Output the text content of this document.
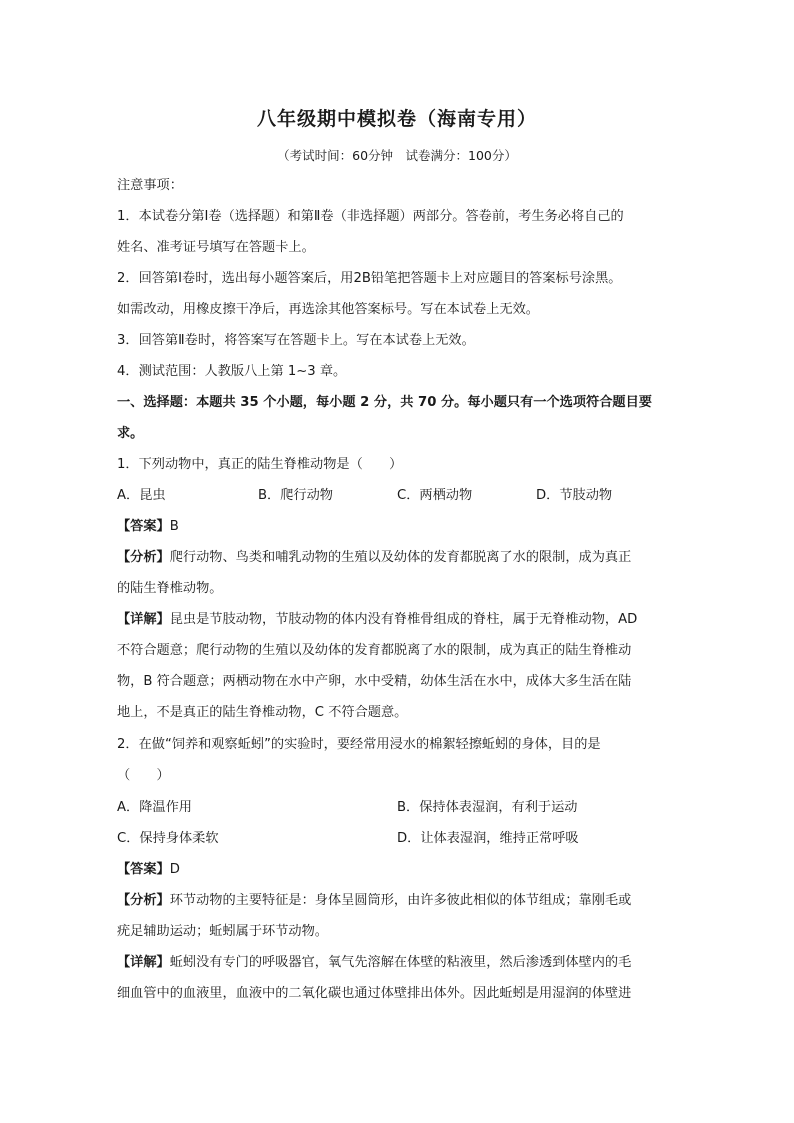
八年级期中模拟卷（海南专用）
（考试时间：60分钟　试卷满分：100分）
注意事项：
1．本试卷分第Ⅰ卷（选择题）和第Ⅱ卷（非选择题）两部分。答卷前，考生务必将自己的
姓名、准考证号填写在答题卡上。
2．回答第Ⅰ卷时，选出每小题答案后，用2B铅笔把答题卡上对应题目的答案标号涂黑。
如需改动，用橡皮擦干净后，再选涂其他答案标号。写在本试卷上无效。
3．回答第Ⅱ卷时，将答案写在答题卡上。写在本试卷上无效。
4．测试范围：人教版八上第 1~3 章。
一、选择题：本题共 35 个小题，每小题 2 分，共 70 分。每小题只有一个选项符合题目要
求。
1．下列动物中，真正的陆生脊椎动物是（　　）
A．昆虫	B．爬行动物	C．两栖动物	D．节肢动物
【答案】B
【分析】爬行动物、鸟类和哺乳动物的生殖以及幼体的发育都脱离了水的限制，成为真正
的陆生脊椎动物。
【详解】昆虫是节肢动物，节肢动物的体内没有脊椎骨组成的脊柱，属于无脊椎动物，AD
不符合题意；爬行动物的生殖以及幼体的发育都脱离了水的限制，成为真正的陆生脊椎动
物，B 符合题意；两栖动物在水中产卵，水中受精，幼体生活在水中，成体大多生活在陆
地上，不是真正的陆生脊椎动物，C 不符合题意。
2．在做“饲养和观察蚯蚓”的实验时，要经常用浸水的棉絮轻擦蚯蚓的身体，目的是
（　　）
A．降温作用	B．保持体表湿润，有利于运动
C．保持身体柔软	D．让体表湿润，维持正常呼吸
【答案】D
【分析】环节动物的主要特征是：身体呈圆筒形，由许多彼此相似的体节组成；靠刚毛或
疣足辅助运动；蚯蚓属于环节动物。
【详解】蚯蚓没有专门的呼吸器官，氧气先溶解在体壁的粘液里，然后渗透到体壁内的毛
细血管中的血液里，血液中的二氧化碳也通过体壁排出体外。因此蚯蚓是用湿润的体壁进
